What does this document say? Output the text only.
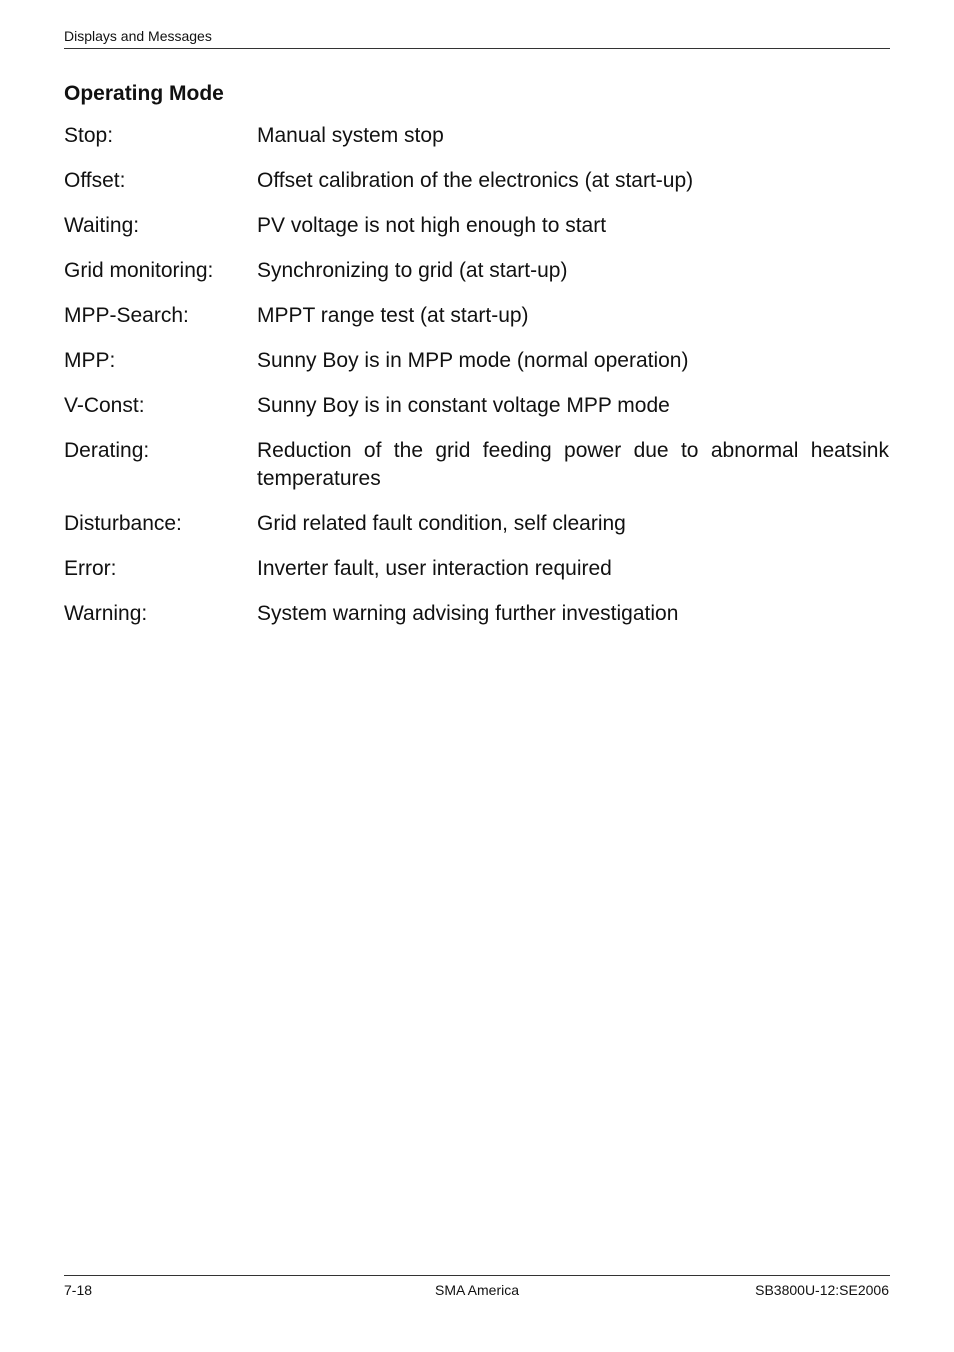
Displays and Messages
Operating Mode
Stop:	Manual system stop
Offset:	Offset calibration of the electronics (at start-up)
Waiting:	PV voltage is not high enough to start
Grid monitoring:	Synchronizing to grid (at start-up)
MPP-Search:	MPPT range test (at start-up)
MPP:	Sunny Boy is in MPP mode (normal operation)
V-Const:	Sunny Boy is in constant voltage MPP mode
Derating:	Reduction of the grid feeding power due to abnormal heatsink temperatures
Disturbance:	Grid related fault condition, self clearing
Error:	Inverter fault, user interaction required
Warning:	System warning advising further investigation
7-18	SMA America	SB3800U-12:SE2006
